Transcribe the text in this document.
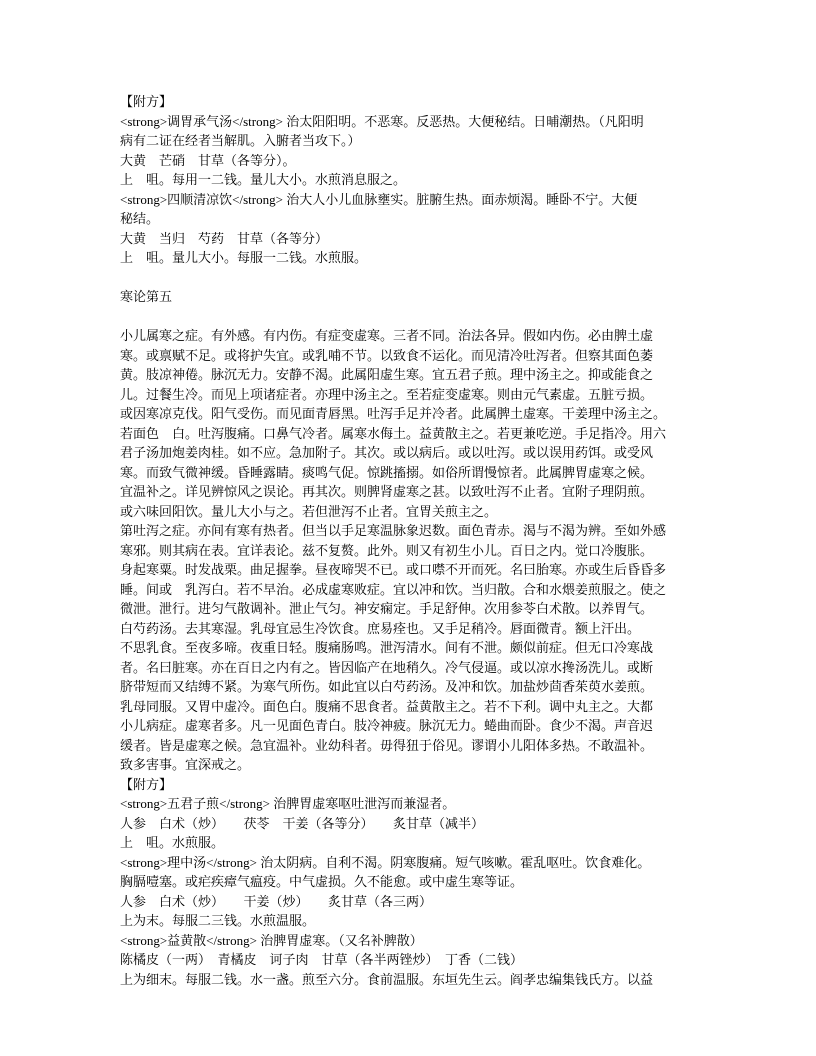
【附方】
<strong>调胃承气汤</strong> 治太阳阳明。不恶寒。反恶热。大便秘结。日晡潮热。（凡阳明
病有二证在经者当解肌。入腑者当攻下。）
大黄　芒硝　甘草（各等分）。
上　咀。每用一二钱。量儿大小。水煎消息服之。
<strong>四顺清凉饮</strong> 治大人小儿血脉壅实。脏腑生热。面赤烦渴。睡卧不宁。大便
秘结。
大黄　当归　芍药　甘草（各等分）
上　咀。量儿大小。每服一二钱。水煎服。
寒论第五
小儿属寒之症。有外感。有内伤。有症变虚寒。三者不同。治法各异。假如内伤。必由脾土虚
寒。或禀赋不足。或将护失宜。或乳哺不节。以致食不运化。而见清冷吐泻者。但察其面色萎
黄。肢凉神倦。脉沉无力。安静不渴。此属阳虚生寒。宜五君子煎。理中汤主之。抑或能食之
儿。过餐生冷。而见上项诸症者。亦理中汤主之。至若症变虚寒。则由元气素虚。五脏亏损。
或因寒凉克伐。阳气受伤。而见面青唇黑。吐泻手足并冷者。此属脾土虚寒。干姜理中汤主之。
若面色　白。吐泻腹痛。口鼻气冷者。属寒水侮土。益黄散主之。若更兼吃逆。手足指冷。用六
君子汤加炮姜肉桂。如不应。急加附子。其次。或以病后。或以吐泻。或以误用药饵。或受风
寒。而致气微神缓。昏睡露睛。痰鸣气促。惊跳搐搦。如俗所谓慢惊者。此属脾胃虚寒之候。
宜温补之。详见辨惊风之误论。再其次。则脾肾虚寒之甚。以致吐泻不止者。宜附子理阴煎。
或六味回阳饮。量儿大小与之。若但泄泻不止者。宜胃关煎主之。
第吐泻之症。亦间有寒有热者。但当以手足寒温脉象迟数。面色青赤。渴与不渴为辨。至如外感
寒邪。则其病在表。宜详表论。兹不复赘。此外。则又有初生小儿。百日之内。觉口冷腹胀。
身起寒粟。时发战栗。曲足握拳。昼夜啼哭不已。或口噤不开而死。名曰胎寒。亦或生后昏昏多
睡。间或　乳泻白。若不早治。必成虚寒败症。宜以冲和饮。当归散。合和水煨姜煎服之。使之
微泄。泄行。进匀气散调补。泄止气匀。神安痫定。手足舒伸。次用参苓白术散。以养胃气。
白芍药汤。去其寒湿。乳母宜忌生冷饮食。庶易痊也。又手足稍冷。唇面微青。额上汗出。
不思乳食。至夜多啼。夜重日轻。腹痛肠鸣。泄泻清水。间有不泄。颇似前症。但无口冷寒战
者。名曰脏寒。亦在百日之内有之。皆因临产在地稍久。冷气侵逼。或以凉水搀汤洗儿。或断
脐带短而又结缚不紧。为寒气所伤。如此宜以白芍药汤。及冲和饮。加盐炒茴香茱萸水姜煎。
乳母同服。又胃中虚冷。面色白。腹痛不思食者。益黄散主之。若不下利。调中丸主之。大都
小儿病症。虚寒者多。凡一见面色青白。肢冷神疲。脉沉无力。蜷曲而卧。食少不渴。声音迟
缓者。皆是虚寒之候。急宜温补。业幼科者。毋得狃于俗见。谬谓小儿阳体多热。不敢温补。
致多害事。宜深戒之。
【附方】
<strong>五君子煎</strong> 治脾胃虚寒呕吐泄泻而兼湿者。
人参　白术（炒）　　茯苓　干姜（各等分）　　炙甘草（减半）
上　咀。水煎服。
<strong>理中汤</strong> 治太阴病。自利不渴。阴寒腹痛。短气咳嗽。霍乱呕吐。饮食难化。
胸膈噎塞。或疟疾瘴气瘟疫。中气虚损。久不能愈。或中虚生寒等证。
人参　白术（炒）　　干姜（炒）　　炙甘草（各三两）
上为末。每服二三钱。水煎温服。
<strong>益黄散</strong> 治脾胃虚寒。（又名补脾散）
陈橘皮（一两）　青橘皮　诃子肉　甘草（各半两锉炒）　丁香（二钱）
上为细末。每服二钱。水一盏。煎至六分。食前温服。东垣先生云。阎孝忠编集钱氏方。以益
